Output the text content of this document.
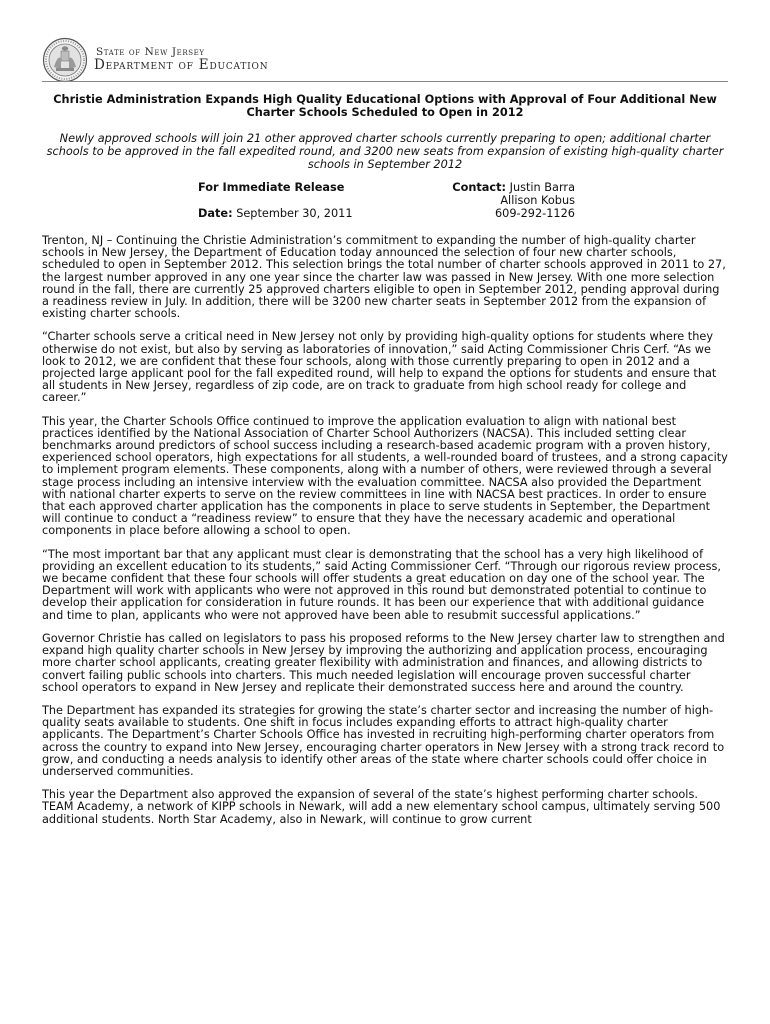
State of New Jersey
Department of Education
Christie Administration Expands High Quality Educational Options with Approval of Four Additional New Charter Schools Scheduled to Open in 2012
Newly approved schools will join 21 other approved charter schools currently preparing to open; additional charter schools to be approved in the fall expedited round, and 3200 new seats from expansion of existing high-quality charter schools in September 2012
For Immediate Release
Date: September 30, 2011
Contact: Justin Barra
Allison Kobus
609-292-1126

Trenton, NJ – Continuing the Christie Administration’s commitment to expanding the number of high-quality charter schools in New Jersey, the Department of Education today announced the selection of four new charter schools, scheduled to open in September 2012. This selection brings the total number of charter schools approved in 2011 to 27, the largest number approved in any one year since the charter law was passed in New Jersey. With one more selection round in the fall, there are currently 25 approved charters eligible to open in September 2012, pending approval during a readiness review in July. In addition, there will be 3200 new charter seats in September 2012 from the expansion of existing charter schools.

“Charter schools serve a critical need in New Jersey not only by providing high-quality options for students where they otherwise do not exist, but also by serving as laboratories of innovation,” said Acting Commissioner Chris Cerf. “As we look to 2012, we are confident that these four schools, along with those currently preparing to open in 2012 and a projected large applicant pool for the fall expedited round, will help to expand the options for students and ensure that all students in New Jersey, regardless of zip code, are on track to graduate from high school ready for college and career.”

This year, the Charter Schools Office continued to improve the application evaluation to align with national best practices identified by the National Association of Charter School Authorizers (NACSA). This included setting clear benchmarks around predictors of school success including a research-based academic program with a proven history, experienced school operators, high expectations for all students, a well-rounded board of trustees, and a strong capacity to implement program elements. These components, along with a number of others, were reviewed through a several stage process including an intensive interview with the evaluation committee. NACSA also provided the Department with national charter experts to serve on the review committees in line with NACSA best practices. In order to ensure that each approved charter application has the components in place to serve students in September, the Department will continue to conduct a “readiness review” to ensure that they have the necessary academic and operational components in place before allowing a school to open.

“The most important bar that any applicant must clear is demonstrating that the school has a very high likelihood of providing an excellent education to its students,” said Acting Commissioner Cerf. “Through our rigorous review process, we became confident that these four schools will offer students a great education on day one of the school year. The Department will work with applicants who were not approved in this round but demonstrated potential to continue to develop their application for consideration in future rounds. It has been our experience that with additional guidance and time to plan, applicants who were not approved have been able to resubmit successful applications.”

Governor Christie has called on legislators to pass his proposed reforms to the New Jersey charter law to strengthen and expand high quality charter schools in New Jersey by improving the authorizing and application process, encouraging more charter school applicants, creating greater flexibility with administration and finances, and allowing districts to convert failing public schools into charters. This much needed legislation will encourage proven successful charter school operators to expand in New Jersey and replicate their demonstrated success here and around the country.

The Department has expanded its strategies for growing the state’s charter sector and increasing the number of high-quality seats available to students. One shift in focus includes expanding efforts to attract high-quality charter applicants. The Department’s Charter Schools Office has invested in recruiting high-performing charter operators from across the country to expand into New Jersey, encouraging charter operators in New Jersey with a strong track record to grow, and conducting a needs analysis to identify other areas of the state where charter schools could offer choice in underserved communities.

This year the Department also approved the expansion of several of the state’s highest performing charter schools. TEAM Academy, a network of KIPP schools in Newark, will add a new elementary school campus, ultimately serving 500 additional students. North Star Academy, also in Newark, will continue to grow current
